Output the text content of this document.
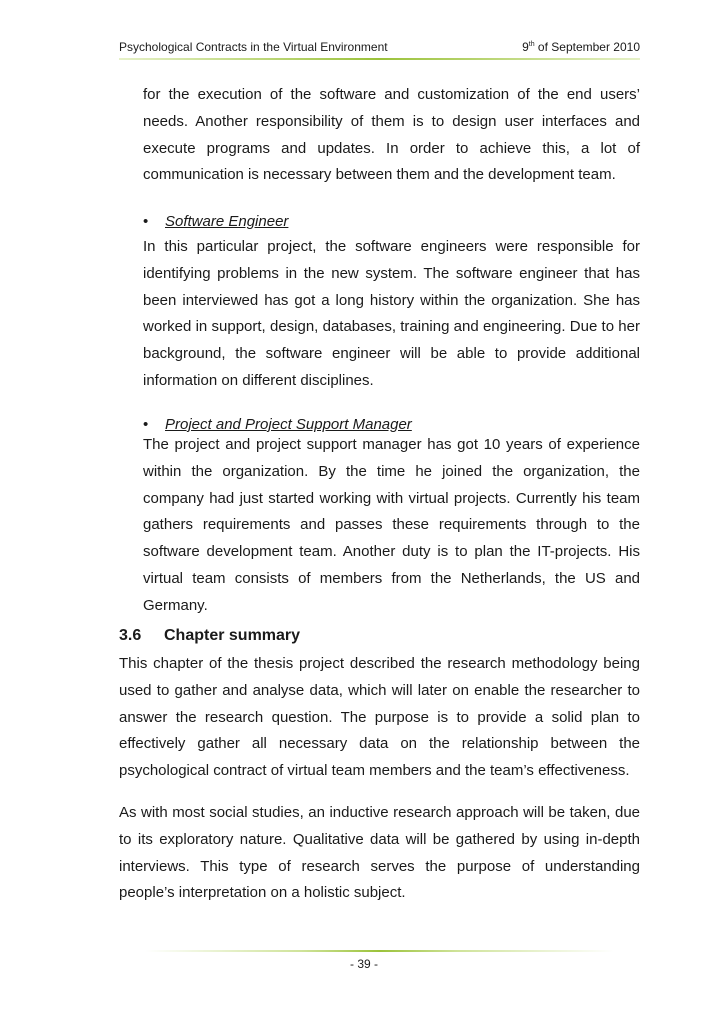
Psychological Contracts in the Virtual Environment	9th of September 2010

for the execution of the software and customization of the end users’ needs. Another responsibility of them is to design user interfaces and execute programs and updates. In order to achieve this, a lot of communication is necessary between them and the development team.

• Software Engineer

In this particular project, the software engineers were responsible for identifying problems in the new system. The software engineer that has been interviewed has got a long history within the organization. She has worked in support, design, databases, training and engineering. Due to her background, the software engineer will be able to provide additional information on different disciplines.

• Project and Project Support Manager

The project and project support manager has got 10 years of experience within the organization. By the time he joined the organization, the company had just started working with virtual projects. Currently his team gathers requirements and passes these requirements through to the software development team. Another duty is to plan the IT-projects. His virtual team consists of members from the Netherlands, the US and Germany.

3.6 Chapter summary

This chapter of the thesis project described the research methodology being used to gather and analyse data, which will later on enable the researcher to answer the research question. The purpose is to provide a solid plan to effectively gather all necessary data on the relationship between the psychological contract of virtual team members and the team’s effectiveness.

As with most social studies, an inductive research approach will be taken, due to its exploratory nature. Qualitative data will be gathered by using in-depth interviews. This type of research serves the purpose of understanding people’s interpretation on a holistic subject.

- 39 -
